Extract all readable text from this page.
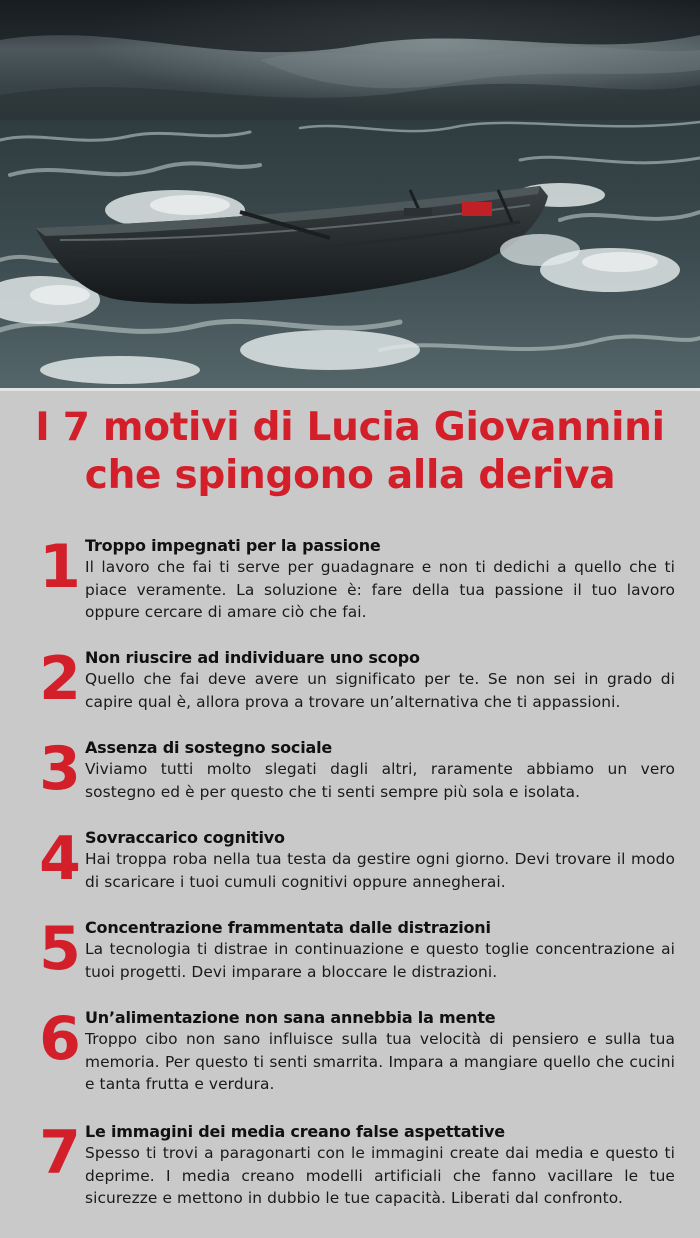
I 7 motivi di Lucia Giovannini
che spingono alla deriva
1 Troppo impegnati per la passione
Il lavoro che fai ti serve per guadagnare e non ti dedichi a quello che ti piace veramente. La soluzione è: fare della tua passione il tuo lavoro oppure cercare di amare ciò che fai.
2 Non riuscire ad individuare uno scopo
Quello che fai deve avere un significato per te. Se non sei in grado di capire qual è, allora prova a trovare un’alternativa che ti appassioni.
3 Assenza di sostegno sociale
Viviamo tutti molto slegati dagli altri, raramente abbiamo un vero sostegno ed è per questo che ti senti sempre più sola e isolata.
4 Sovraccarico cognitivo
Hai troppa roba nella tua testa da gestire ogni giorno. Devi trovare il modo di scaricare i tuoi cumuli cognitivi oppure annegherai.
5 Concentrazione frammentata dalle distrazioni
La tecnologia ti distrae in continuazione e questo toglie concentrazione ai tuoi progetti. Devi imparare a bloccare le distrazioni.
6 Un’alimentazione non sana annebbia la mente
Troppo cibo non sano influisce sulla tua velocità di pensiero e sulla tua memoria. Per questo ti senti smarrita. Impara a mangiare quello che cucini e tanta frutta e verdura.
7 Le immagini dei media creano false aspettative
Spesso ti trovi a paragonarti con le immagini create dai media e questo ti deprime. I media creano modelli artificiali che fanno vacillare le tue sicurezze e mettono in dubbio le tue capacità. Liberati dal confronto.
